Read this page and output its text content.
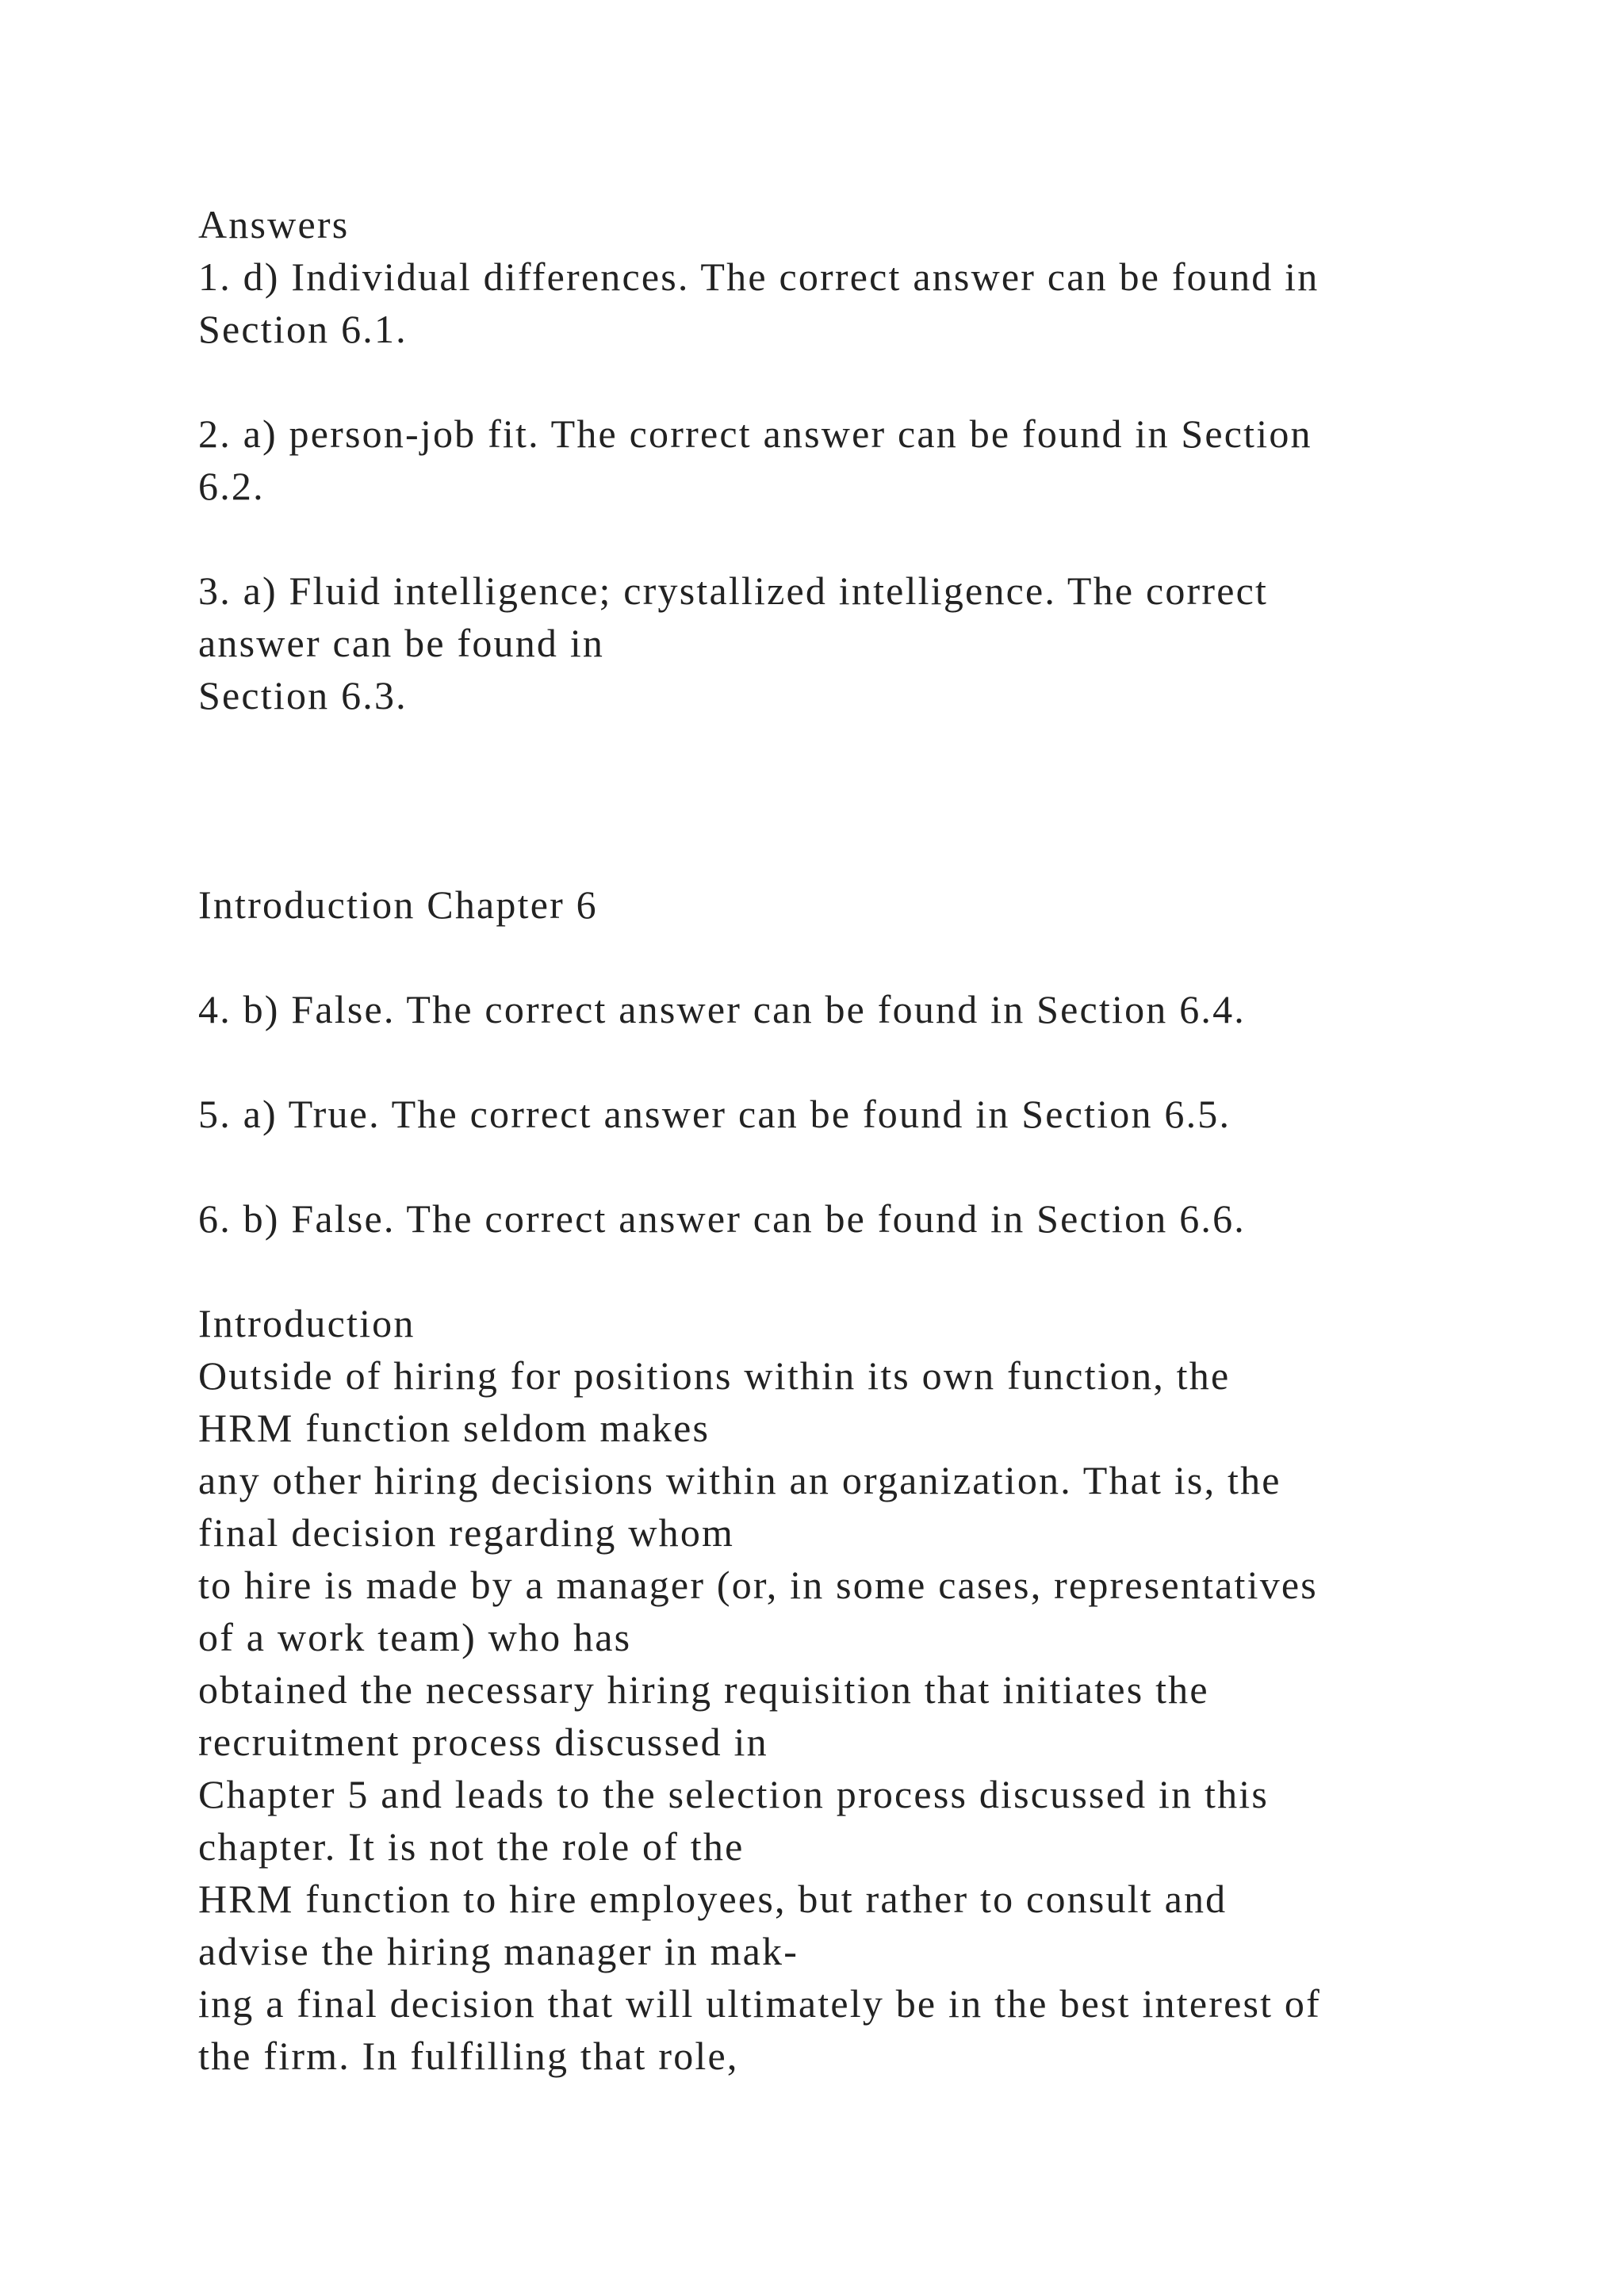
Answers
1. d) Individual differences. The correct answer can be found in
Section 6.1.
2. a) person-job fit. The correct answer can be found in Section
6.2.
3. a) Fluid intelligence; crystallized intelligence. The correct
answer can be found in
Section 6.3.
Introduction Chapter 6
4. b) False. The correct answer can be found in Section 6.4.
5. a) True. The correct answer can be found in Section 6.5.
6. b) False. The correct answer can be found in Section 6.6.
Introduction
Outside of hiring for positions within its own function, the
HRM function seldom makes
any other hiring decisions within an organization. That is, the
final decision regarding whom
to hire is made by a manager (or, in some cases, representatives
of a work team) who has
obtained the necessary hiring requisition that initiates the
recruitment process discussed in
Chapter 5 and leads to the selection process discussed in this
chapter. It is not the role of the
HRM function to hire employees, but rather to consult and
advise the hiring manager in mak-
ing a final decision that will ultimately be in the best interest of
the firm. In fulfilling that role,
